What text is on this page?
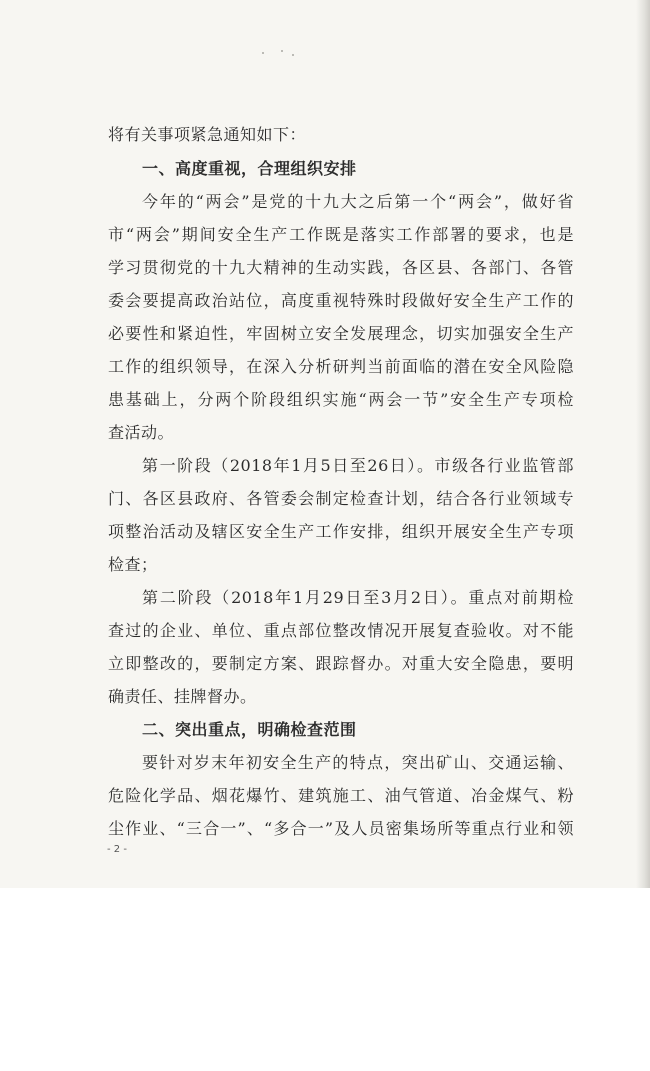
将有关事项紧急通知如下：
一、高度重视，合理组织安排
今年的“两会”是党的十九大之后第一个“两会”，做好省
市“两会”期间安全生产工作既是落实工作部署的要求，也是
学习贯彻党的十九大精神的生动实践，各区县、各部门、各管
委会要提高政治站位，高度重视特殊时段做好安全生产工作的
必要性和紧迫性，牢固树立安全发展理念，切实加强安全生产
工作的组织领导，在深入分析研判当前面临的潜在安全风险隐
患基础上，分两个阶段组织实施“两会一节”安全生产专项检
查活动。
第一阶段（2018年1月5日至26日）。市级各行业监管部
门、各区县政府、各管委会制定检查计划，结合各行业领域专
项整治活动及辖区安全生产工作安排，组织开展安全生产专项
检查；
第二阶段（2018年1月29日至3月2日）。重点对前期检
查过的企业、单位、重点部位整改情况开展复查验收。对不能
立即整改的，要制定方案、跟踪督办。对重大安全隐患，要明
确责任、挂牌督办。
二、突出重点，明确检查范围
要针对岁末年初安全生产的特点，突出矿山、交通运输、
危险化学品、烟花爆竹、建筑施工、油气管道、冶金煤气、粉
尘作业、“三合一”、“多合一”及人员密集场所等重点行业和领
- 2 -
